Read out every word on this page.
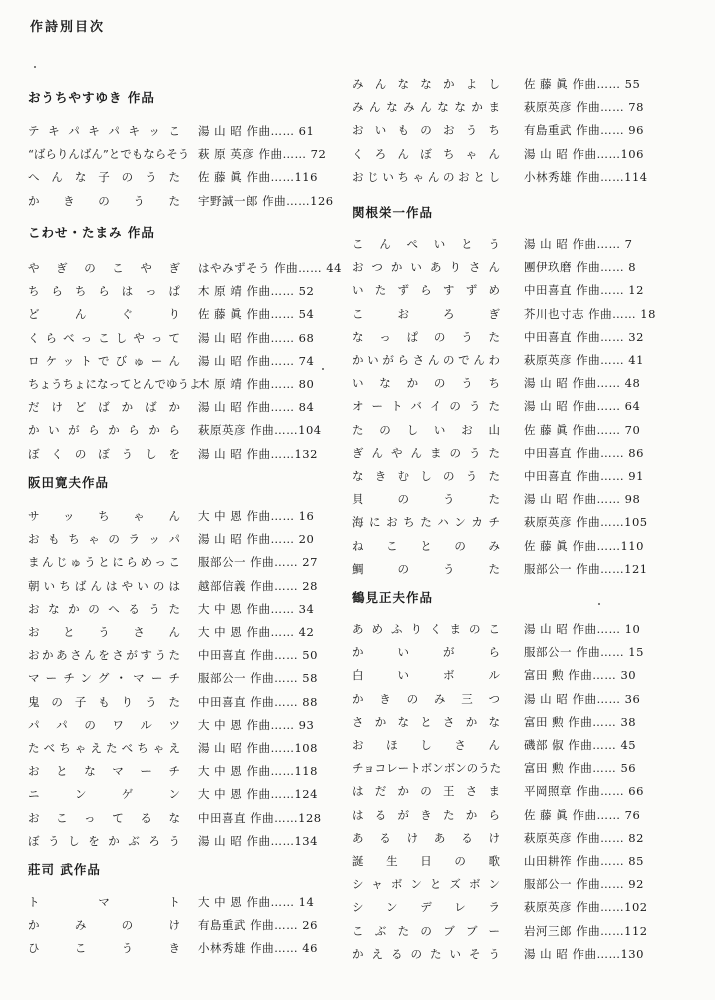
作詩別目次
おうちやすゆき 作品
テキパキパキッこ 湯 山 昭 作曲…… 61
“ばらりんばん”とでもならそう 萩 原 英彦 作曲…… 72
へんな子のうた 佐 藤 眞 作曲……116
かきのうた 宇野誠一郎 作曲……126
こわせ・たまみ 作品
やぎのこやぎ はやみずそう 作曲…… 44
ちらちらはっぱ 木 原 靖 作曲…… 52
どんぐり 佐 藤 眞 作曲…… 54
くらべっこしやって 湯 山 昭 作曲…… 68
ロケットでびゅーん 湯 山 昭 作曲…… 74
ちょうちょになってとんでゆうよ
木 原 靖 作曲…… 80
だけどばかばか 湯 山 昭 作曲…… 84
かいがらからから 萩原英彦 作曲……104
ぼくのぼうしを 湯 山 昭 作曲……132
阪田寛夫作品
サッちゃん 大 中 恩 作曲…… 16
おもちゃのラッパ 湯 山 昭 作曲…… 20
まんじゅうとにらめっこ 服部公一 作曲…… 27
朝いちばんはやいのは 越部信義 作曲…… 28
おなかのへるうた 大 中 恩 作曲…… 34
おとうさん 大 中 恩 作曲…… 42
おかあさんをさがすうた 中田喜直 作曲…… 50
マーチング・マーチ 服部公一 作曲…… 58
鬼の子もりうた 中田喜直 作曲…… 88
パパのワルツ 大 中 恩 作曲…… 93
たべちゃえたべちゃえ 湯 山 昭 作曲……108
おとなマーチ 大 中 恩 作曲……118
ニンゲン 大 中 恩 作曲……124
おこってるな 中田喜直 作曲……128
ぼうしをかぶろう 湯 山 昭 作曲……134
莊司 武作品
トマト 大 中 恩 作曲…… 14
かみのけ 有島重武 作曲…… 26
ひこうき 小林秀雄 作曲…… 46
みんななかよし 佐 藤 眞 作曲…… 55
みんなみんななかま 萩原英彦 作曲…… 78
おいものおうち 有島重武 作曲…… 96
くろんぼちゃん 湯 山 昭 作曲……106
おじいちゃんのおとし 小林秀雄 作曲……114
関根栄一作品
こんぺいとう 湯 山 昭 作曲…… 7
おつかいありさん 團伊玖磨 作曲…… 8
いたずらすずめ 中田喜直 作曲…… 12
こおろぎ 芥川也寸志 作曲…… 18
なっぱのうた 中田喜直 作曲…… 32
かいがらさんのでんわ 萩原英彦 作曲…… 41
いなかのうち 湯 山 昭 作曲…… 48
オートバイのうた 湯 山 昭 作曲…… 64
たのしいお山 佐 藤 眞 作曲…… 70
ぎんやんまのうた 中田喜直 作曲…… 86
なきむしのうた 中田喜直 作曲…… 91
貝のうた 湯 山 昭 作曲…… 98
海におちたハンカチ 萩原英彦 作曲……105
ねことのみ 佐 藤 眞 作曲……110
鯛のうた 服部公一 作曲……121
鶴見正夫作品
あめふりくまのこ 湯 山 昭 作曲…… 10
かいがら 服部公一 作曲…… 15
白いボル 富田 勲 作曲…… 30
かきのみ三つ 湯 山 昭 作曲…… 36
さかなとさかな 富田 勲 作曲…… 38
おほしさん 磯部 俶 作曲…… 45
チョコレートボンボンのうた 富田 勲 作曲…… 56
はだかの王さま 平岡照章 作曲…… 66
はるがきたから 佐 藤 眞 作曲…… 76
あるけあるけ 萩原英彦 作曲…… 82
誕生日の歌 山田耕筰 作曲…… 85
シャボンとズボン 服部公一 作曲…… 92
シンデレラ 萩原英彦 作曲……102
こぶたのブブー 岩河三郎 作曲……112
かえるのたいそう 湯 山 昭 作曲……130
